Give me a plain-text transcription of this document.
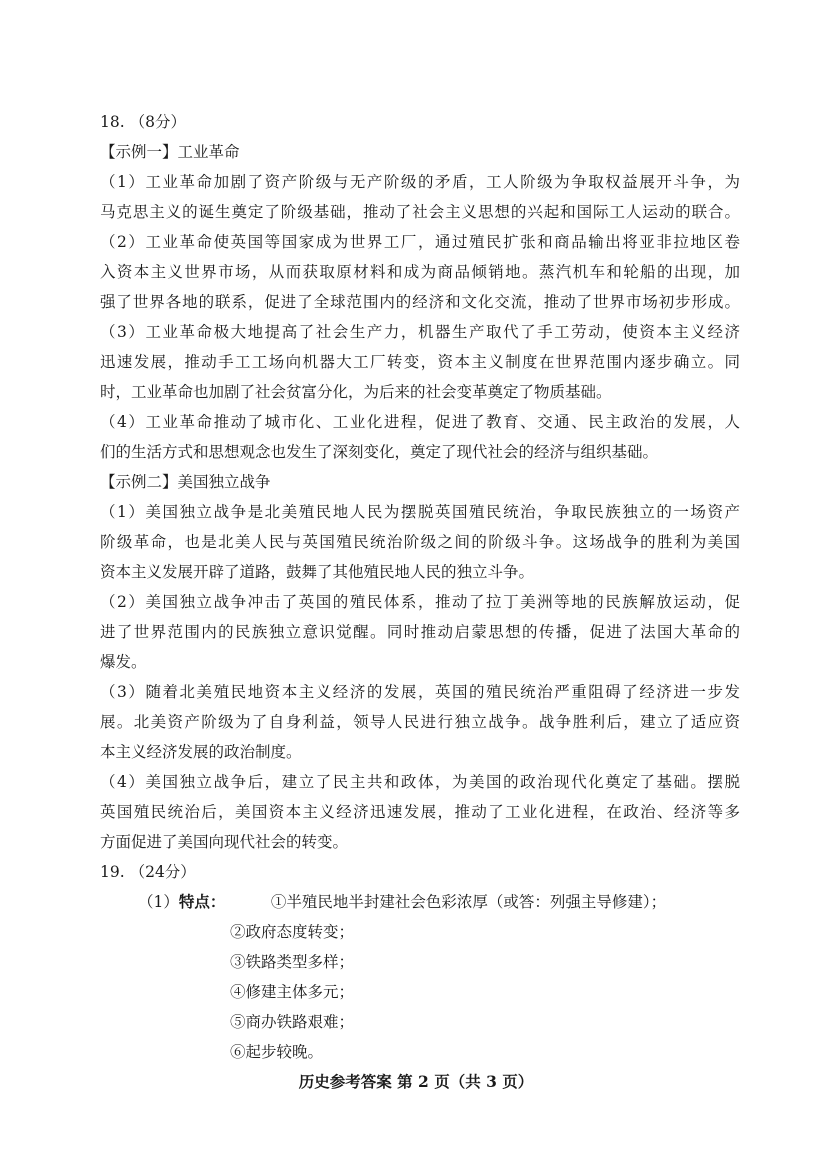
18. （8分）
【示例一】工业革命
（1）工业革命加剧了资产阶级与无产阶级的矛盾，工人阶级为争取权益展开斗争，为
马克思主义的诞生奠定了阶级基础，推动了社会主义思想的兴起和国际工人运动的联合。
（2）工业革命使英国等国家成为世界工厂，通过殖民扩张和商品输出将亚非拉地区卷
入资本主义世界市场，从而获取原材料和成为商品倾销地。蒸汽机车和轮船的出现，加
强了世界各地的联系，促进了全球范围内的经济和文化交流，推动了世界市场初步形成。
（3）工业革命极大地提高了社会生产力，机器生产取代了手工劳动，使资本主义经济
迅速发展，推动手工工场向机器大工厂转变，资本主义制度在世界范围内逐步确立。同
时，工业革命也加剧了社会贫富分化，为后来的社会变革奠定了物质基础。
（4）工业革命推动了城市化、工业化进程，促进了教育、交通、民主政治的发展，人
们的生活方式和思想观念也发生了深刻变化，奠定了现代社会的经济与组织基础。
【示例二】美国独立战争
（1）美国独立战争是北美殖民地人民为摆脱英国殖民统治，争取民族独立的一场资产
阶级革命，也是北美人民与英国殖民统治阶级之间的阶级斗争。这场战争的胜利为美国
资本主义发展开辟了道路，鼓舞了其他殖民地人民的独立斗争。
（2）美国独立战争冲击了英国的殖民体系，推动了拉丁美洲等地的民族解放运动，促
进了世界范围内的民族独立意识觉醒。同时推动启蒙思想的传播，促进了法国大革命的
爆发。
（3）随着北美殖民地资本主义经济的发展，英国的殖民统治严重阻碍了经济进一步发
展。北美资产阶级为了自身利益，领导人民进行独立战争。战争胜利后，建立了适应资
本主义经济发展的政治制度。
（4）美国独立战争后，建立了民主共和政体，为美国的政治现代化奠定了基础。摆脱
英国殖民统治后，美国资本主义经济迅速发展，推动了工业化进程，在政治、经济等多
方面促进了美国向现代社会的转变。
19. （24分）
（1） 特点：	①半殖民地半封建社会色彩浓厚（或答：列强主导修建）；
②政府态度转变；
③铁路类型多样；
④修建主体多元；
⑤商办铁路艰难；
⑥起步较晚。
历史参考答案 第 2 页（共 3 页）
